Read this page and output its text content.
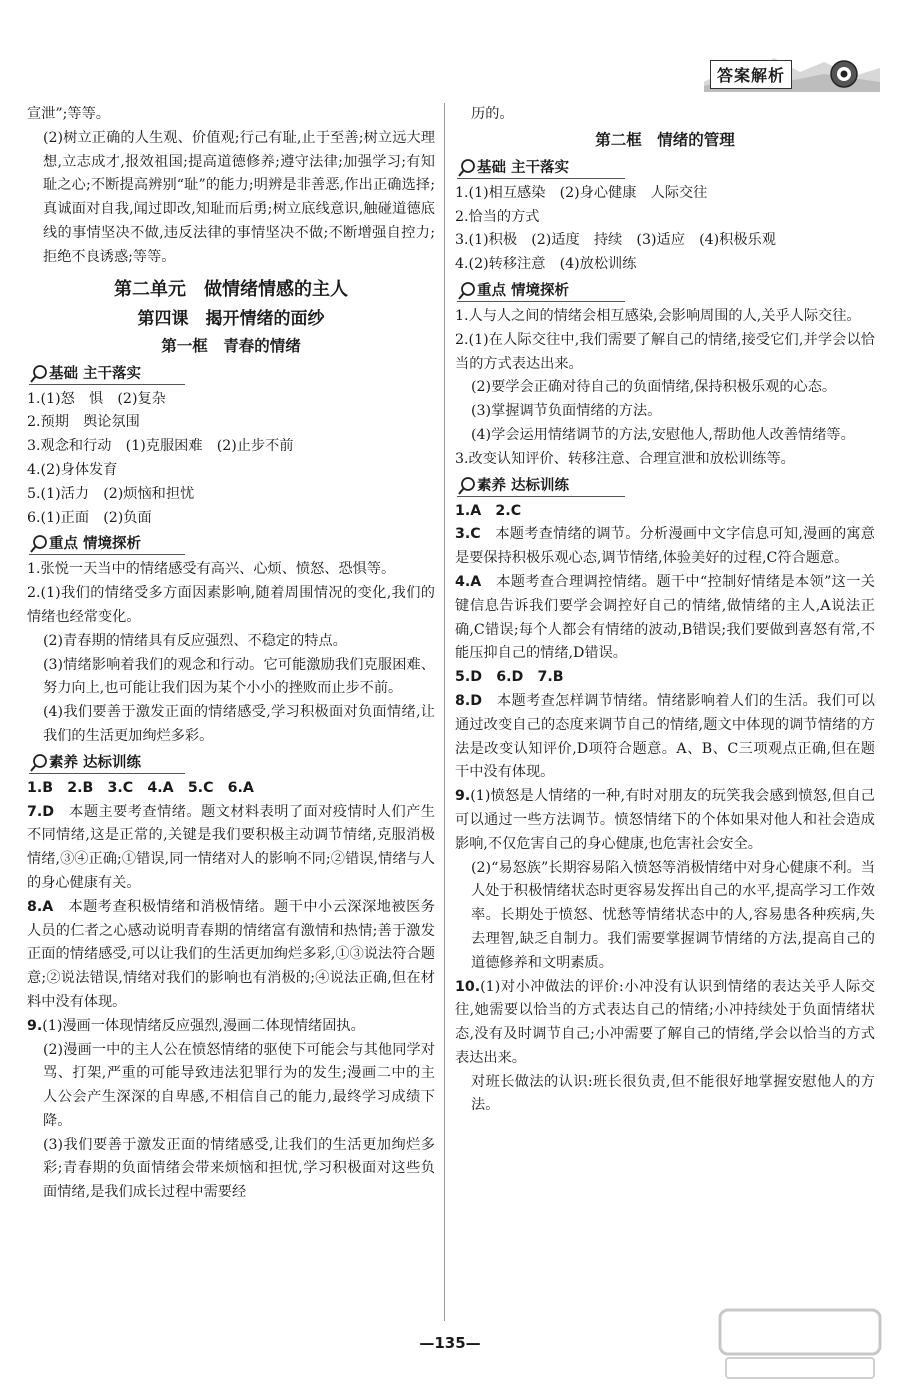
答案解析

宣泄”;等等。

(2)树立正确的人生观、价值观;行己有耻,止于至善;树立远大理想,立志成才,报效祖国;提高道德修养;遵守法律;加强学习;有知耻之心;不断提高辨别“耻”的能力;明辨是非善恶,作出正确选择;真诚面对自我,闻过即改,知耻而后勇;树立底线意识,触碰道德底线的事情坚决不做,违反法律的事情坚决不做;不断增强自控力;拒绝不良诱惑;等等。

第二单元　做情绪情感的主人
第四课　揭开情绪的面纱
第一框　青春的情绪
基础 主干落实

1.(1)怒　惧　(2)复杂

2.预期　舆论氛围

3.观念和行动　(1)克服困难　(2)止步不前

4.(2)身体发育

5.(1)活力　(2)烦恼和担忧

6.(1)正面　(2)负面

重点 情境探析

1.张悦一天当中的情绪感受有高兴、心烦、愤怒、恐惧等。

2.(1)我们的情绪受多方面因素影响,随着周围情况的变化,我们的情绪也经常变化。

(2)青春期的情绪具有反应强烈、不稳定的特点。

(3)情绪影响着我们的观念和行动。它可能激励我们克服困难、努力向上,也可能让我们因为某个小小的挫败而止步不前。

(4)我们要善于激发正面的情绪感受,学习积极面对负面情绪,让我们的生活更加绚烂多彩。

素养 达标训练

1.B　2.B　3.C　4.A　5.C　6.A

7.D　 本题主要考查情绪。题文材料表明了面对疫情时人们产生不同情绪,这是正常的,关键是我们要积极主动调节情绪,克服消极情绪,③④正确;①错误,同一情绪对人的影响不同;②错误,情绪与人的身心健康有关。

8.A　 本题考查积极情绪和消极情绪。题干中小云深深地被医务人员的仁者之心感动说明青春期的情绪富有激情和热情;善于激发正面的情绪感受,可以让我们的生活更加绚烂多彩,①③说法符合题意;②说法错误,情绪对我们的影响也有消极的;④说法正确,但在材料中没有体现。

9.(1)漫画一体现情绪反应强烈,漫画二体现情绪固执。

(2)漫画一中的主人公在愤怒情绪的驱使下可能会与其他同学对骂、打架,严重的可能导致违法犯罪行为的发生;漫画二中的主人公会产生深深的自卑感,不相信自己的能力,最终学习成绩下降。

(3)我们要善于激发正面的情绪感受,让我们的生活更加绚烂多彩;青春期的负面情绪会带来烦恼和担忧,学习积极面对这些负面情绪,是我们成长过程中需要经

历的。

第二框　情绪的管理
基础 主干落实

1.(1)相互感染　(2)身心健康　人际交往

2.恰当的方式

3.(1)积极　(2)适度　持续　(3)适应　(4)积极乐观

4.(2)转移注意　(4)放松训练

重点 情境探析

1.人与人之间的情绪会相互感染,会影响周围的人,关乎人际交往。

2.(1)在人际交往中,我们需要了解自己的情绪,接受它们,并学会以恰当的方式表达出来。

(2)要学会正确对待自己的负面情绪,保持积极乐观的心态。

(3)掌握调节负面情绪的方法。

(4)学会运用情绪调节的方法,安慰他人,帮助他人改善情绪等。

3.改变认知评价、转移注意、合理宣泄和放松训练等。

素养 达标训练

1.A　2.C

3.C　 本题考查情绪的调节。分析漫画中文字信息可知,漫画的寓意是要保持积极乐观心态,调节情绪,体验美好的过程,C符合题意。

4.A　 本题考查合理调控情绪。题干中“控制好情绪是本领”这一关键信息告诉我们要学会调控好自己的情绪,做情绪的主人,A说法正确,C错误;每个人都会有情绪的波动,B错误;我们要做到喜怒有常,不能压抑自己的情绪,D错误。

5.D　6.D　7.B

8.D　 本题考查怎样调节情绪。情绪影响着人们的生活。我们可以通过改变自己的态度来调节自己的情绪,题文中体现的调节情绪的方法是改变认知评价,D项符合题意。A、B、C三项观点正确,但在题干中没有体现。

9.(1)愤怒是人情绪的一种,有时对朋友的玩笑我会感到愤怒,但自己可以通过一些方法调节。愤怒情绪下的个体如果对他人和社会造成影响,不仅危害自己的身心健康,也危害社会安全。

(2)“易怒族”长期容易陷入愤怒等消极情绪中对身心健康不利。当人处于积极情绪状态时更容易发挥出自己的水平,提高学习工作效率。长期处于愤怒、忧愁等情绪状态中的人,容易患各种疾病,失去理智,缺乏自制力。我们需要掌握调节情绪的方法,提高自己的道德修养和文明素质。

10.(1)对小冲做法的评价:小冲没有认识到情绪的表达关乎人际交往,她需要以恰当的方式表达自己的情绪;小冲持续处于负面情绪状态,没有及时调节自己;小冲需要了解自己的情绪,学会以恰当的方式表达出来。

对班长做法的认识:班长很负责,但不能很好地掌握安慰他人的方法。

—135—
